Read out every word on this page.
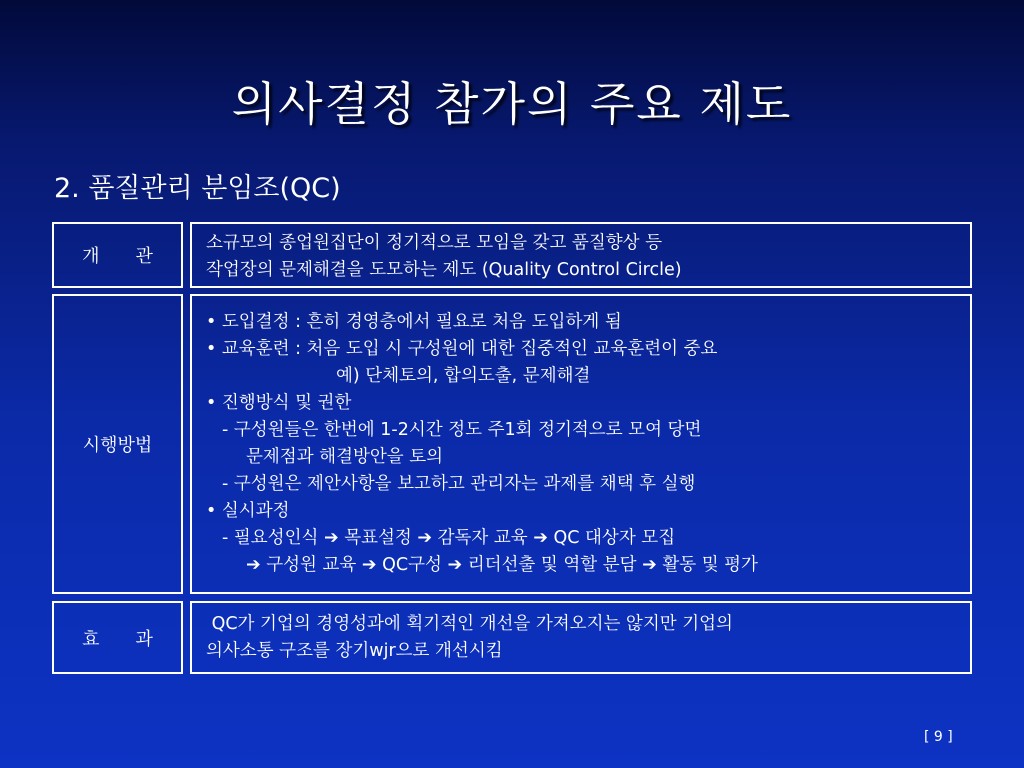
의사결정 참가의 주요 제도
2. 품질관리 분임조(QC)
개　　관
소규모의 종업원집단이 정기적으로 모임을 갖고 품질향상 등
작업장의 문제해결을 도모하는 제도 (Quality Control Circle)
시행방법
• 도입결정 : 흔히 경영층에서 필요로 처음 도입하게 됨
• 교육훈련 : 처음 도입 시 구성원에 대한 집중적인 교육훈련이 중요
예) 단체토의, 합의도출, 문제해결
• 진행방식 및 권한
- 구성원들은 한번에 1-2시간 정도 주1회 정기적으로 모여 당면
문제점과 해결방안을 토의
- 구성원은 제안사항을 보고하고 관리자는 과제를 채택 후 실행
• 실시과정
- 필요성인식 ➔ 목표설정 ➔ 감독자 교육 ➔ QC 대상자 모집
➔ 구성원 교육 ➔ QC구성 ➔ 리더선출 및 역할 분담 ➔ 활동 및 평가
효　　과
QC가 기업의 경영성과에 획기적인 개선을 가져오지는 않지만 기업의
의사소통 구조를 장기wjr으로 개선시킴
[ 9 ]
